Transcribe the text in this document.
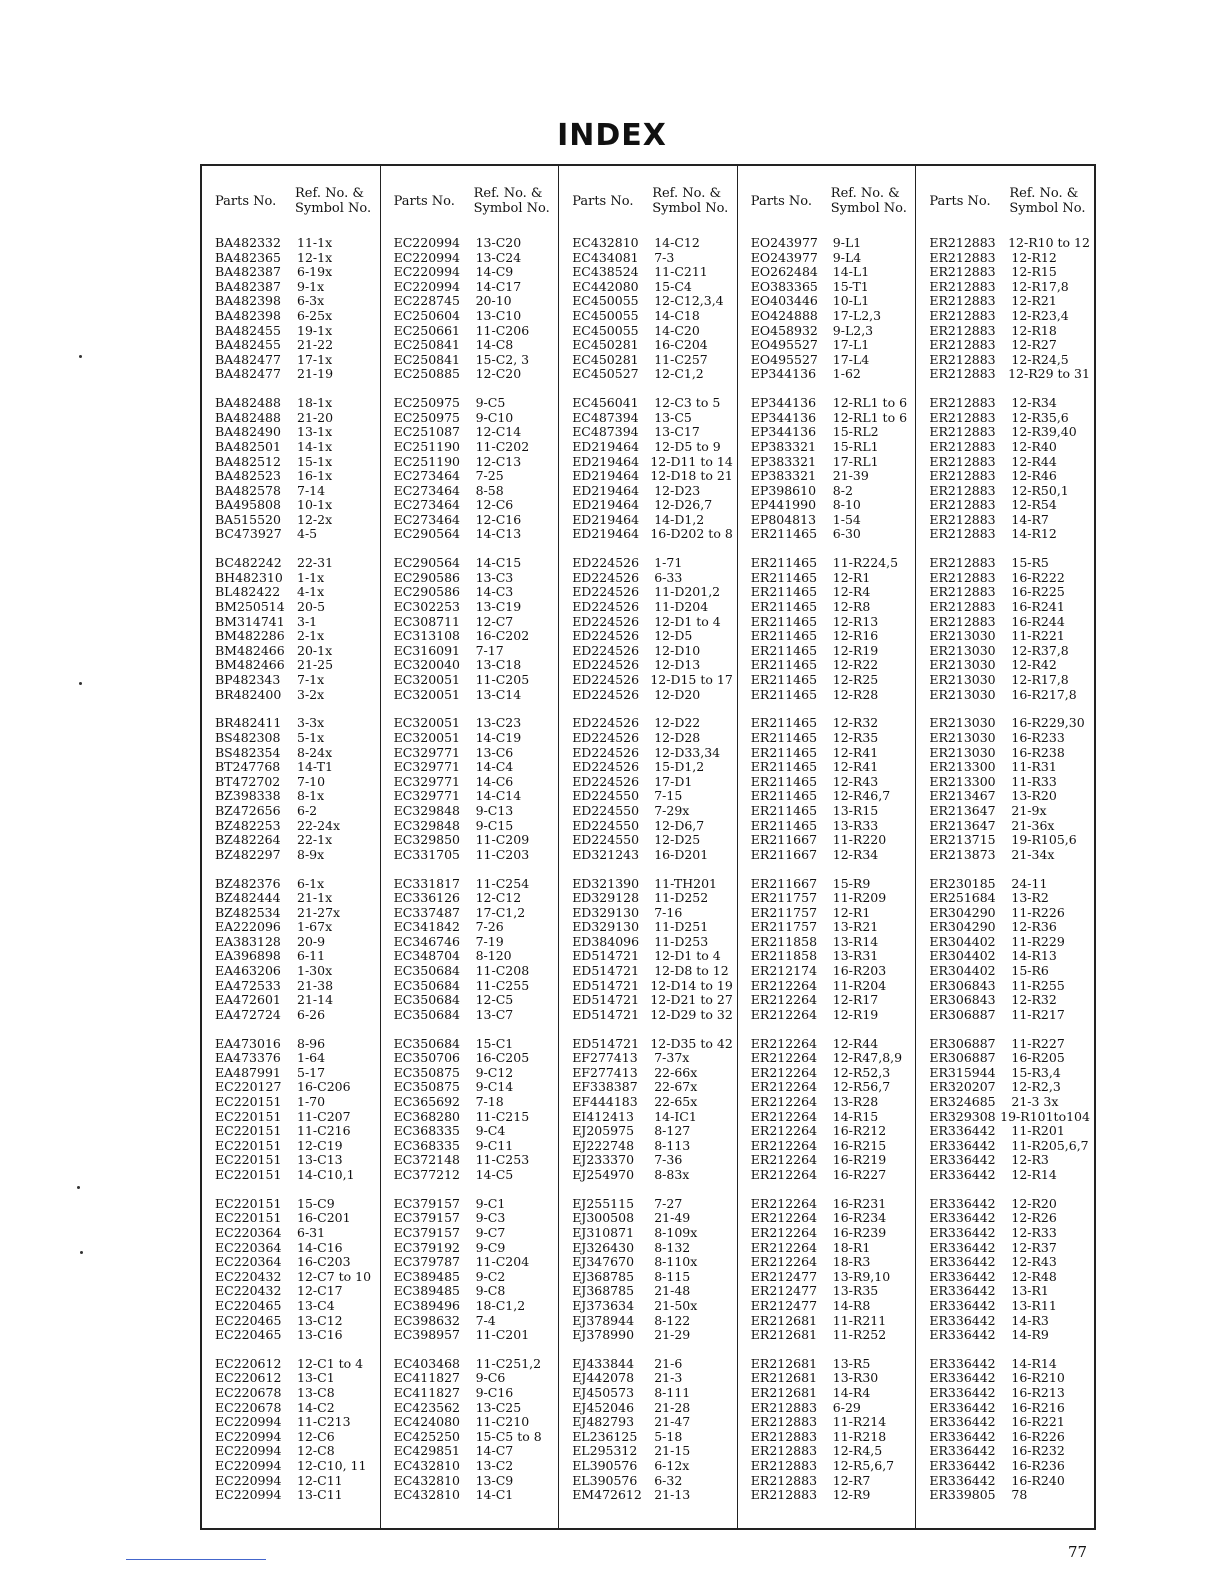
INDEX
Parts No.	Ref. No. &
Symbol No.
BA482332	11-1x
BA482365	12-1x
BA482387	6-19x
BA482387	9-1x
BA482398	6-3x
BA482398	6-25x
BA482455	19-1x
BA482455	21-22
BA482477	17-1x
BA482477	21-19
BA482488	18-1x
BA482488	21-20
BA482490	13-1x
BA482501	14-1x
BA482512	15-1x
BA482523	16-1x
BA482578	7-14
BA495808	10-1x
BA515520	12-2x
BC473927	4-5
BC482242	22-31
BH482310	1-1x
BL482422	4-1x
BM250514 20-5
BM314741 3-1
BM482286 2-1x
BM482466 20-1x
BM482466 21-25
BP482343	7-1x
BR482400	3-2x
BR482411	3-3x
BS482308	5-1x
BS482354	8-24x
BT247768	14-T1
BT472702	7-10
BZ398338	8-1x
BZ472656	6-2
BZ482253	22-24x
BZ482264	22-1x
BZ482297	8-9x
BZ482376	6-1x
BZ482444	21-1x
BZ482534	21-27x
EA222096	1-67x
EA383128	20-9
EA396898	6-11
EA463206	1-30x
EA472533	21-38
EA472601	21-14
EA472724	6-26
EA473016	8-96
EA473376	1-64
EA487991	5-17
EC220127	16-C206
EC220151	1-70
EC220151	11-C207
EC220151	11-C216
EC220151	12-C19
EC220151	13-C13
EC220151	14-C10,1
EC220151	15-C9
EC220151	16-C201
EC220364	6-31
EC220364	14-C16
EC220364	16-C203
EC220432	12-C7 to 10
EC220432	12-C17
EC220465	13-C4
EC220465	13-C12
EC220465	13-C16
EC220612	12-C1 to 4
EC220612	13-C1
EC220678	13-C8
EC220678	14-C2
EC220994	11-C213
EC220994	12-C6
EC220994	12-C8
EC220994	12-C10, 11
EC220994	12-C11
EC220994	13-C11
Parts No.	Ref. No. &
Symbol No.
EC220994	13-C20
EC220994	13-C24
EC220994	14-C9
EC220994	14-C17
EC228745	20-10
EC250604	13-C10
EC250661	11-C206
EC250841	14-C8
EC250841	15-C2, 3
EC250885	12-C20
EC250975	9-C5
EC250975	9-C10
EC251087	12-C14
EC251190	11-C202
EC251190	12-C13
EC273464	7-25
EC273464	8-58
EC273464	12-C6
EC273464	12-C16
EC290564	14-C13
EC290564	14-C15
EC290586	13-C3
EC290586	14-C3
EC302253	13-C19
EC308711	12-C7
EC313108	16-C202
EC316091	7-17
EC320040	13-C18
EC320051	11-C205
EC320051	13-C14
EC320051	13-C23
EC320051	14-C19
EC329771	13-C6
EC329771	14-C4
EC329771	14-C6
EC329771	14-C14
EC329848	9-C13
EC329848	9-C15
EC329850	11-C209
EC331705	11-C203
EC331817	11-C254
EC336126	12-C12
EC337487	17-C1,2
EC341842	7-26
EC346746	7-19
EC348704	8-120
EC350684	11-C208
EC350684	11-C255
EC350684	12-C5
EC350684	13-C7
EC350684	15-C1
EC350706	16-C205
EC350875	9-C12
EC350875	9-C14
EC365692	7-18
EC368280	11-C215
EC368335	9-C4
EC368335	9-C11
EC372148	11-C253
EC377212	14-C5
EC379157	9-C1
EC379157	9-C3
EC379157	9-C7
EC379192	9-C9
EC379787	11-C204
EC389485	9-C2
EC389485	9-C8
EC389496	18-C1,2
EC398632	7-4
EC398957	11-C201
EC403468	11-C251,2
EC411827	9-C6
EC411827	9-C16
EC423562	13-C25
EC424080	11-C210
EC425250	15-C5 to 8
EC429851	14-C7
EC432810	13-C2
EC432810	13-C9
EC432810	14-C1
Parts No.	Ref. No. &
Symbol No.
EC432810	14-C12
EC434081	7-3
EC438524	11-C211
EC442080	15-C4
EC450055	12-C12,3,4
EC450055	14-C18
EC450055	14-C20
EC450281	16-C204
EC450281	11-C257
EC450527	12-C1,2
EC456041	12-C3 to 5
EC487394	13-C5
EC487394	13-C17
ED219464	12-D5 to 9
ED219464 12-D11 to 14
ED219464 12-D18 to 21
ED219464	12-D23
ED219464	12-D26,7
ED219464	14-D1,2
ED219464 16-D202 to 8
ED224526	1-71
ED224526	6-33
ED224526	11-D201,2
ED224526	11-D204
ED224526	12-D1 to 4
ED224526	12-D5
ED224526	12-D10
ED224526	12-D13
ED224526 12-D15 to 17
ED224526	12-D20
ED224526	12-D22
ED224526	12-D28
ED224526	12-D33,34
ED224526	15-D1,2
ED224526	17-D1
ED224550	7-15
ED224550	7-29x
ED224550	12-D6,7
ED224550	12-D25
ED321243	16-D201
ED321390	11-TH201
ED329128	11-D252
ED329130	7-16
ED329130	11-D251
ED384096	11-D253
ED514721	12-D1 to 4
ED514721	12-D8 to 12
ED514721 12-D14 to 19
ED514721 12-D21 to 27
ED514721 12-D29 to 32
ED514721 12-D35 to 42
EF277413	7-37x
EF277413	22-66x
EF338387	22-67x
EF444183	22-65x
EI412413	14-IC1
EJ205975	8-127
EJ222748	8-113
EJ233370	7-36
EJ254970	8-83x
EJ255115	7-27
EJ300508	21-49
EJ310871	8-109x
EJ326430	8-132
EJ347670	8-110x
EJ368785	8-115
EJ368785	21-48
EJ373634	21-50x
EJ378944	8-122
EJ378990	21-29
EJ433844	21-6
EJ442078	21-3
EJ450573	8-111
EJ452046	21-28
EJ482793	21-47
EL236125	5-18
EL295312	21-15
EL390576	6-12x
EL390576	6-32
EM472612 21-13
Parts No.	Ref. No. &
Symbol No.
EO243977	9-L1
EO243977	9-L4
EO262484	14-L1
EO383365	15-T1
EO403446	10-L1
EO424888	17-L2,3
EO458932	9-L2,3
EO495527	17-L1
EO495527	17-L4
EP344136	1-62
EP344136	12-RL1 to 6
EP344136	12-RL1 to 6
EP344136	15-RL2
EP383321	15-RL1
EP383321	17-RL1
EP383321	21-39
EP398610	8-2
EP441990	8-10
EP804813	1-54
ER211465	6-30
ER211465	11-R224,5
ER211465	12-R1
ER211465	12-R4
ER211465	12-R8
ER211465	12-R13
ER211465	12-R16
ER211465	12-R19
ER211465	12-R22
ER211465	12-R25
ER211465	12-R28
ER211465	12-R32
ER211465	12-R35
ER211465	12-R41
ER211465	12-R41
ER211465	12-R43
ER211465	12-R46,7
ER211465	13-R15
ER211465	13-R33
ER211667	11-R220
ER211667	12-R34
ER211667	15-R9
ER211757	11-R209
ER211757	12-R1
ER211757	13-R21
ER211858	13-R14
ER211858	13-R31
ER212174	16-R203
ER212264	11-R204
ER212264	12-R17
ER212264	12-R19
ER212264	12-R44
ER212264	12-R47,8,9
ER212264	12-R52,3
ER212264	12-R56,7
ER212264	13-R28
ER212264	14-R15
ER212264	16-R212
ER212264	16-R215
ER212264	16-R219
ER212264	16-R227
ER212264	16-R231
ER212264	16-R234
ER212264	16-R239
ER212264	18-R1
ER212264	18-R3
ER212477	13-R9,10
ER212477	13-R35
ER212477	14-R8
ER212681	11-R211
ER212681	11-R252
ER212681	13-R5
ER212681	13-R30
ER212681	14-R4
ER212883	6-29
ER212883	11-R214
ER212883	11-R218
ER212883	12-R4,5
ER212883	12-R5,6,7
ER212883	12-R7
ER212883	12-R9
Parts No.	Ref. No. &
Symbol No.
ER212883 12-R10 to 12
ER212883	12-R12
ER212883	12-R15
ER212883	12-R17,8
ER212883	12-R21
ER212883	12-R23,4
ER212883	12-R18
ER212883	12-R27
ER212883	12-R24,5
ER212883 12-R29 to 31
ER212883	12-R34
ER212883	12-R35,6
ER212883	12-R39,40
ER212883	12-R40
ER212883	12-R44
ER212883	12-R46
ER212883	12-R50,1
ER212883	12-R54
ER212883	14-R7
ER212883	14-R12
ER212883	15-R5
ER212883	16-R222
ER212883	16-R225
ER212883	16-R241
ER212883	16-R244
ER213030	11-R221
ER213030	12-R37,8
ER213030	12-R42
ER213030	12-R17,8
ER213030	16-R217,8
ER213030	16-R229,30
ER213030	16-R233
ER213030	16-R238
ER213300	11-R31
ER213300	11-R33
ER213467	13-R20
ER213647	21-9x
ER213647	21-36x
ER213715	19-R105,6
ER213873	21-34x
ER230185	24-11
ER251684	13-R2
ER304290	11-R226
ER304290	12-R36
ER304402	11-R229
ER304402	14-R13
ER304402	15-R6
ER306843	11-R255
ER306843	12-R32
ER306887	11-R217
ER306887	11-R227
ER306887	16-R205
ER315944	15-R3,4
ER320207	12-R2,3
ER324685	21-3 3x
ER329308 19-R101to104
ER336442	11-R201
ER336442	11-R205,6,7
ER336442	12-R3
ER336442	12-R14
ER336442	12-R20
ER336442	12-R26
ER336442	12-R33
ER336442	12-R37
ER336442	12-R43
ER336442	12-R48
ER336442	13-R1
ER336442	13-R11
ER336442	14-R3
ER336442	14-R9
ER336442	14-R14
ER336442	16-R210
ER336442	16-R213
ER336442	16-R216
ER336442	16-R221
ER336442	16-R226
ER336442	16-R232
ER336442	16-R236
ER336442	16-R240
ER339805	78
77
